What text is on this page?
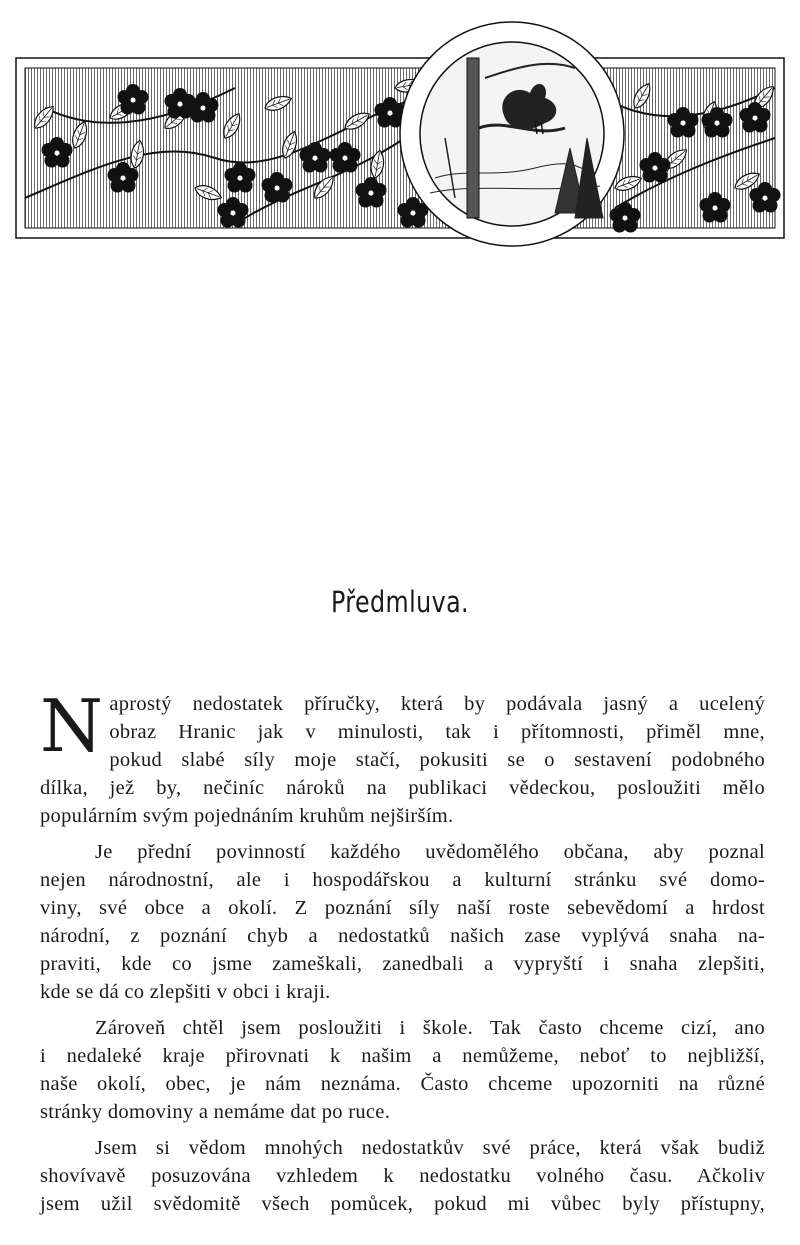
Předmluva.

N aprostý nedostatek příručky, která by podávala jasný a ucelený
obraz Hranic jak v minulosti, tak i přítomnosti, přiměl mne,
pokud slabé síly moje stačí, pokusiti se o sestavení podobného
dílka, jež by, nečiníc nároků na publikaci vědeckou, posloužiti mělo
populárním svým pojednáním kruhům nejširším.

Je přední povinností každého uvědomělého občana, aby poznal
nejen národnostní, ale i hospodářskou a kulturní stránku své domo-
viny, své obce a okolí. Z poznání síly naší roste sebevědomí a hrdost
národní, z poznání chyb a nedostatků našich zase vyplývá snaha na-
praviti, kde co jsme zameškali, zanedbali a vypryští i snaha zlepšiti,
kde se dá co zlepšiti v obci i kraji.

Zároveň chtěl jsem posloužiti i škole. Tak často chceme cizí, ano
i nedaleké kraje přirovnati k našim a nemůžeme, neboť to nejbližší,
naše okolí, obec, je nám neznáma. Často chceme upozorniti na různé
stránky domoviny a nemáme dat po ruce.

Jsem si vědom mnohých nedostatkův své práce, která však budiž
shovívavě posuzována vzhledem k nedostatku volného času. Ačkoliv
jsem užil svědomitě všech pomůcek, pokud mi vůbec byly přístupny,
